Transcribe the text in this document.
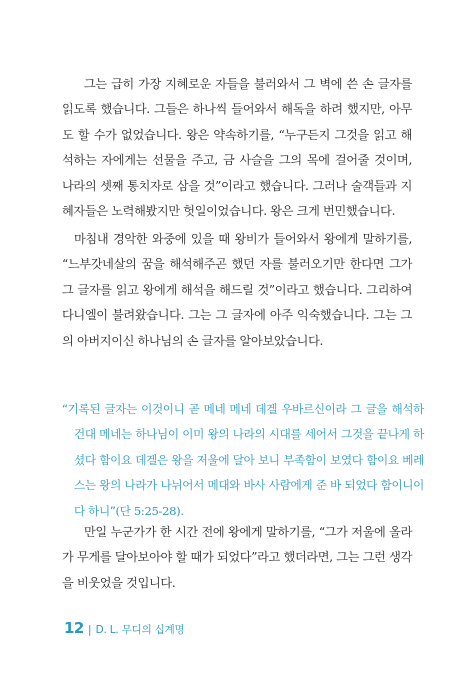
그는 급히 가장 지혜로운 자들을 불러와서 그 벽에 쓴 손 글자를 읽도록 했습니다. 그들은 하나씩 들어와서 해독을 하려 했지만, 아무도 할 수가 없었습니다. 왕은 약속하기를, “누구든지 그것을 읽고 해석하는 자에게는 선물을 주고, 금 사슬을 그의 목에 걸어줄 것이며, 나라의 셋째 통치자로 삼을 것”이라고 했습니다. 그러나 술객들과 지혜자들은 노력해봤지만 헛일이었습니다. 왕은 크게 번민했습니다.

마침내 경악한 와중에 있을 때 왕비가 들어와서 왕에게 말하기를, “느부갓네살의 꿈을 해석해주곤 했던 자를 불러오기만 한다면 그가 그 글자를 읽고 왕에게 해석을 해드릴 것”이라고 했습니다. 그리하여 다니엘이 불려왔습니다. 그는 그 글자에 아주 익숙했습니다. 그는 그의 아버지이신 하나님의 손 글자를 알아보았습니다.

“기록된 글자는 이것이니 곧 메네 메네 데겔 우바르신이라 그 글을 해석하건대 메네는 하나님이 이미 왕의 나라의 시대를 세어서 그것을 끝나게 하셨다 함이요 데겔은 왕을 저울에 달아 보니 부족함이 보였다 함이요 베레스는 왕의 나라가 나뉘어서 메대와 바사 사람에게 준 바 되었다 함이니이다 하니”(단 5:25-28).

만일 누군가가 한 시간 전에 왕에게 말하기를, “그가 저울에 올라가 무게를 달아보아야 할 때가 되었다”라고 했더라면, 그는 그런 생각을 비웃었을 것입니다.

12 | D. L. 무디의 십계명
